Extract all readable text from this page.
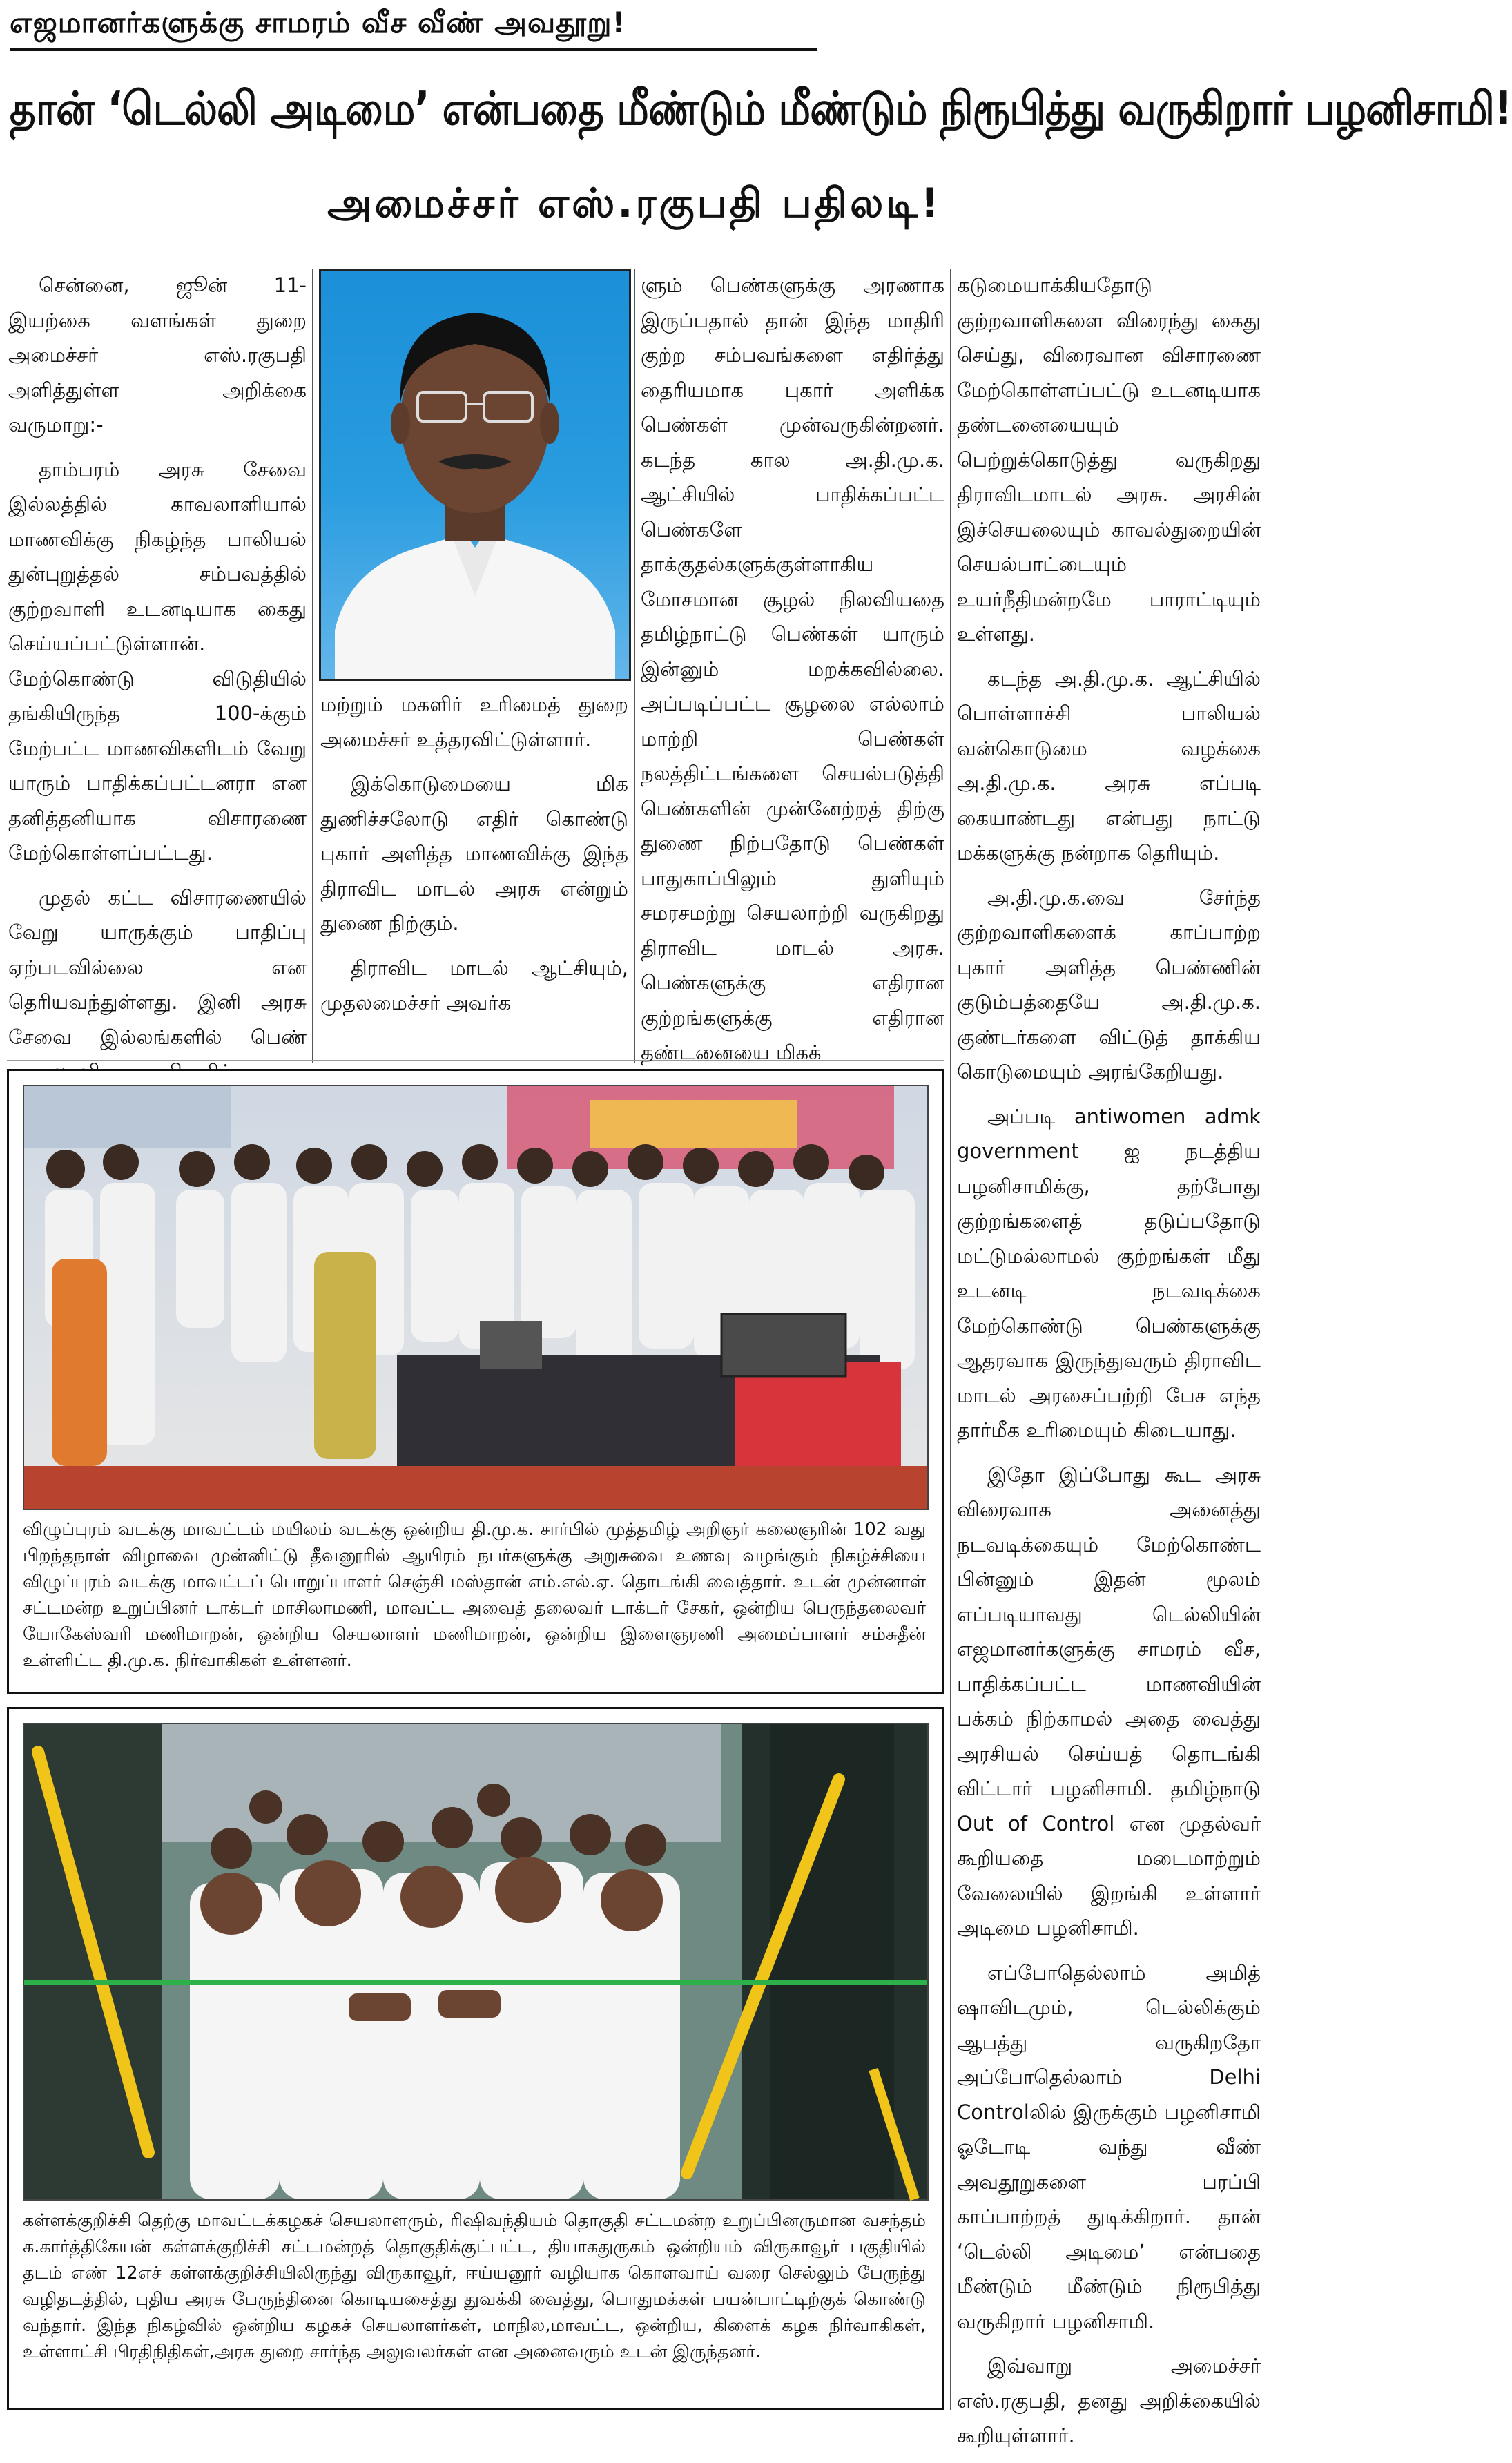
எஜமானர்களுக்கு சாமரம் வீச வீண் அவதூறு!
தான் ‘டெல்லி அடிமை’ என்பதை மீண்டும் மீண்டும் நிரூபித்து வருகிறார் பழனிசாமி!
அமைச்சர் எஸ்.ரகுபதி பதிலடி!

சென்னை, ஜூன் 11- இயற்கை வளங்கள் துறை அமைச்சர் எஸ்.ரகுபதி அளித்துள்ள அறிக்கை வருமாறு:-

தாம்பரம் அரசு சேவை இல்லத்தில் காவலாளியால் மாணவிக்கு நிகழ்ந்த பாலியல் துன்புறுத்தல் சம்பவத்தில் குற்றவாளி உடனடியாக கைது செய்யப்பட்டுள்ளான். மேற்கொண்டு விடுதியில் தங்கியிருந்த 100-க்கும் மேற்பட்ட மாணவிகளிடம் வேறு யாரும் பாதிக்கப்பட்டனரா என தனித்தனியாக விசாரணை மேற்கொள்ளப்பட்டது.

முதல் கட்ட விசாரணையில் வேறு யாருக்கும் பாதிப்பு ஏற்படவில்லை என தெரியவந்துள்ளது. இனி அரசு சேவை இல்லங்களில் பெண்

மற்றும் மகளிர் உரிமைத் துறை அமைச்சர் உத்தரவிட்டுள்ளார்.

இக்கொடுமையை மிக துணிச்சலோடு எதிர் கொண்டு புகார் அளித்த மாணவிக்கு இந்த திராவிட மாடல் அரசு என்றும் துணை நிற்கும்.

திராவிட மாடல் ஆட்சியும், முதலமைச்சர் அவர்க

ளும் பெண்களுக்கு அரணாக இருப்பதால் தான் இந்த மாதிரி குற்ற சம்பவங்களை எதிர்த்து தைரியமாக புகார் அளிக்க பெண்கள் முன்வருகின்றனர். கடந்த கால அ.தி.மு.க. ஆட்சியில் பாதிக்கப்பட்ட பெண்களே தாக்குதல்களுக்குள்ளாகிய மோசமான சூழல் நிலவியதை தமிழ்நாட்டு பெண்கள் யாரும் இன்னும் மறக்கவில்லை. அப்படிப்பட்ட சூழலை எல்லாம் மாற்றி பெண்கள் நலத்திட்டங்களை செயல்படுத்தி பெண்களின் முன்னேற்றத் திற்கு துணை நிற்பதோடு பெண்கள் பாதுகாப்பிலும் துளியும் சமரசமற்று செயலாற்றி வருகிறது திராவிட மாடல் அரசு. பெண்களுக்கு எதிரான குற்றங்களுக்கு எதிரான தண்டனையை மிகக்

கடுமையாக்கியதோடு குற்றவாளிகளை விரைந்து கைது செய்து, விரைவான விசாரணை மேற்கொள்ளப்பட்டு உடனடியாக தண்டனையையும் பெற்றுக்கொடுத்து வருகிறது திராவிடமாடல் அரசு. அரசின் இச்செயலையும் காவல்துறையின் செயல்பாட்டையும் உயர்நீதிமன்றமே பாராட்டியும் உள்ளது.

கடந்த அ.தி.மு.க. ஆட்சியில் பொள்ளாச்சி பாலியல் வன்கொடுமை வழக்கை அ.தி.மு.க. அரசு எப்படி கையாண்டது என்பது நாட்டு மக்களுக்கு நன்றாக தெரியும்.

அ.தி.மு.க.வை சேர்ந்த குற்றவாளிகளைக் காப்பாற்ற புகார் அளித்த பெண்ணின் குடும்பத்தையே அ.தி.மு.க. குண்டர்களை விட்டுத் தாக்கிய கொடுமையும் அரங்கேறியது.

அப்படி antiwomen admk government ஐ நடத்திய பழனிசாமிக்கு, தற்போது குற்றங்களைத் தடுப்பதோடு மட்டுமல்லாமல் குற்றங்கள் மீது உடனடி நடவடிக்கை மேற்கொண்டு பெண்களுக்கு ஆதரவாக இருந்துவரும் திராவிட மாடல் அரசைப்பற்றி பேச எந்த தார்மீக உரிமையும் கிடையாது.

இதோ இப்போது கூட அரசு விரைவாக அனைத்து நடவடிக்கையும் மேற்கொண்ட பின்னும் இதன் மூலம் எப்படியாவது டெல்லியின் எஜமானர்களுக்கு சாமரம் வீச, பாதிக்கப்பட்ட மாணவியின் பக்கம் நிற்காமல் அதை வைத்து அரசியல் செய்யத் தொடங்கி விட்டார் பழனிசாமி. தமிழ்நாடு Out of Control என முதல்வர் கூறியதை மடைமாற்றும் வேலையில் இறங்கி உள்ளார் அடிமை பழனிசாமி.

எப்போதெல்லாம் அமித் ஷாவிடமும், டெல்லிக்கும் ஆபத்து வருகிறதோ அப்போதெல்லாம் Delhi Controlலில் இருக்கும் பழனிசாமி ஓடோடி வந்து வீண் அவதூறுகளை பரப்பி காப்பாற்றத் துடிக்கிறார். தான் ‘டெல்லி அடிமை’ என்பதை மீண்டும் மீண்டும் நிரூபித்து வருகிறார் பழனிசாமி.

இவ்வாறு அமைச்சர் எஸ்.ரகுபதி, தனது அறிக்கையில் கூறியுள்ளார்.

விழுப்புரம் வடக்கு மாவட்டம் மயிலம் வடக்கு ஒன்றிய தி.மு.க. சார்பில் முத்தமிழ் அறிஞர் கலைஞரின் 102 வது பிறந்தநாள் விழாவை முன்னிட்டு தீவனூரில் ஆயிரம் நபர்களுக்கு அறுசுவை உணவு வழங்கும் நிகழ்ச்சியை விழுப்புரம் வடக்கு மாவட்டப் பொறுப்பாளர் செஞ்சி மஸ்தான் எம்.எல்.ஏ. தொடங்கி வைத்தார். உடன் முன்னாள் சட்டமன்ற உறுப்பினர் டாக்டர் மாசிலாமணி, மாவட்ட அவைத் தலைவர் டாக்டர் சேகர், ஒன்றிய பெருந்தலைவர் யோகேஸ்வரி மணிமாறன், ஒன்றிய செயலாளர் மணிமாறன், ஒன்றிய இளைஞரணி அமைப்பாளர் சம்சுதீன் உள்ளிட்ட தி.மு.க. நிர்வாகிகள் உள்ளனர்.
கள்ளக்குறிச்சி தெற்கு மாவட்டக்கழகச் செயலாளரும், ரிஷிவந்தியம் தொகுதி சட்டமன்ற உறுப்பினருமான வசந்தம் க.கார்த்திகேயன் கள்ளக்குறிச்சி சட்டமன்றத் தொகுதிக்குட்பட்ட, தியாகதுருகம் ஒன்றியம் விருகாவூர் பகுதியில் தடம் எண் 12எச் கள்ளக்குறிச்சியிலிருந்து விருகாவூர், ஈய்யனூர் வழியாக கொளவாய் வரை செல்லும் பேருந்து வழிதடத்தில், புதிய அரசு பேருந்தினை கொடியசைத்து துவக்கி வைத்து, பொதுமக்கள் பயன்பாட்டிற்குக் கொண்டு வந்தார். இந்த நிகழ்வில் ஒன்றிய கழகச் செயலாளர்கள், மாநில,மாவட்ட, ஒன்றிய, கிளைக் கழக நிர்வாகிகள், உள்ளாட்சி பிரதிநிதிகள்,அரசு துறை சார்ந்த அலுவலர்கள் என அனைவரும் உடன் இருந்தனர்.
